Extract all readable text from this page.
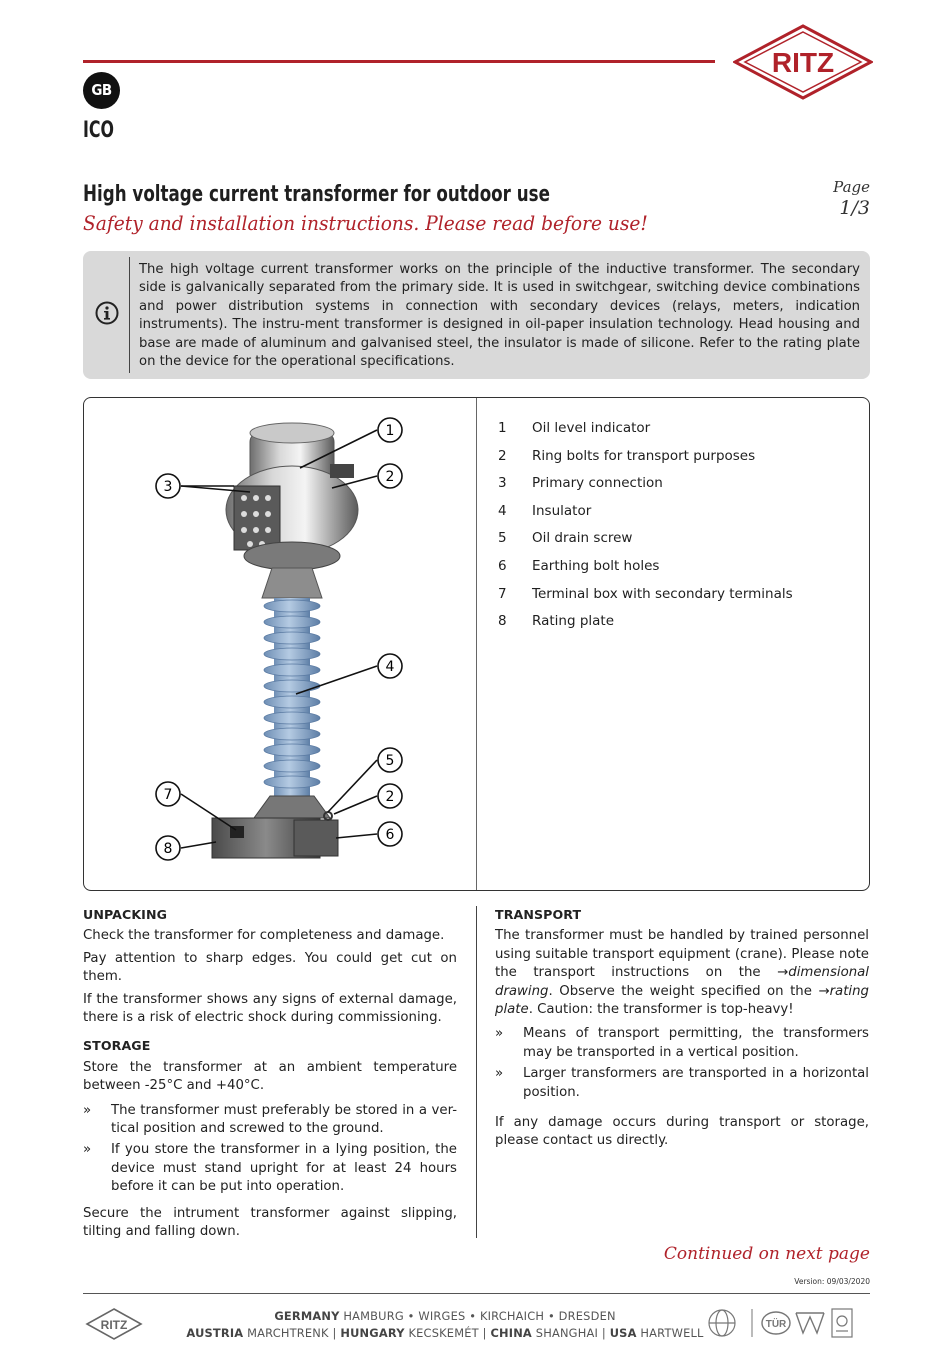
RITZ
GB
ICO
High voltage current transformer for outdoor use
Safety and installation instructions. Please read before use!
Page
1/3
The high voltage current transformer works on the principle of the inductive transformer. The secondary side is galvanically separated from the primary side. It is used in switchgear, switching device combinations and power distribution systems in connection with secondary devices (relays, meters, indication instruments). The instru-ment transformer is designed in oil-paper insulation technology. Head housing and base are made of aluminum and galvanised steel, the insulator is made of silicone. Refer to the rating plate on the device for the operational specifications.
1
2
3
4
5
2
6
7
8
1	Oil level indicator
2	Ring bolts for transport purposes
3	Primary connection
4	Insulator
5	Oil drain screw
6	Earthing bolt holes
7	Terminal box with secondary terminals
8	Rating plate
UNPACKING

Check the transformer for completeness and damage.

Pay attention to sharp edges. You could get cut on them.

If the transformer shows any signs of external damage, there is a risk of electric shock during commissioning.

STORAGE

Store the transformer at an ambient temperature between -25°C and +40°C.

» The transformer must preferably be stored in a ver-tical position and screwed to the ground.
» If you store the transformer in a lying position, the device must stand upright for at least 24 hours before it can be put into operation.

Secure the intrument transformer against slipping, tilting and falling down.

TRANSPORT

The transformer must be handled by trained personnel using suitable transport equipment (crane). Please note the transport instructions on the →dimensional drawing. Observe the weight specified on the →rating plate. Caution: the transformer is top-heavy!

» Means of transport permitting, the transformers may be transported in a vertical position.
» Larger transformers are transported in a horizontal position.

If any damage occurs during transport or storage, please contact us directly.

Continued on next page
Version: 09/03/2020
RITZ
GERMANY HAMBURG • WIRGES • KIRCHAICH • DRESDEN
AUSTRIA MARCHTRENK | HUNGARY KECSKEMÉT | CHINA SHANGHAI | USA HARTWELL
TÜR
